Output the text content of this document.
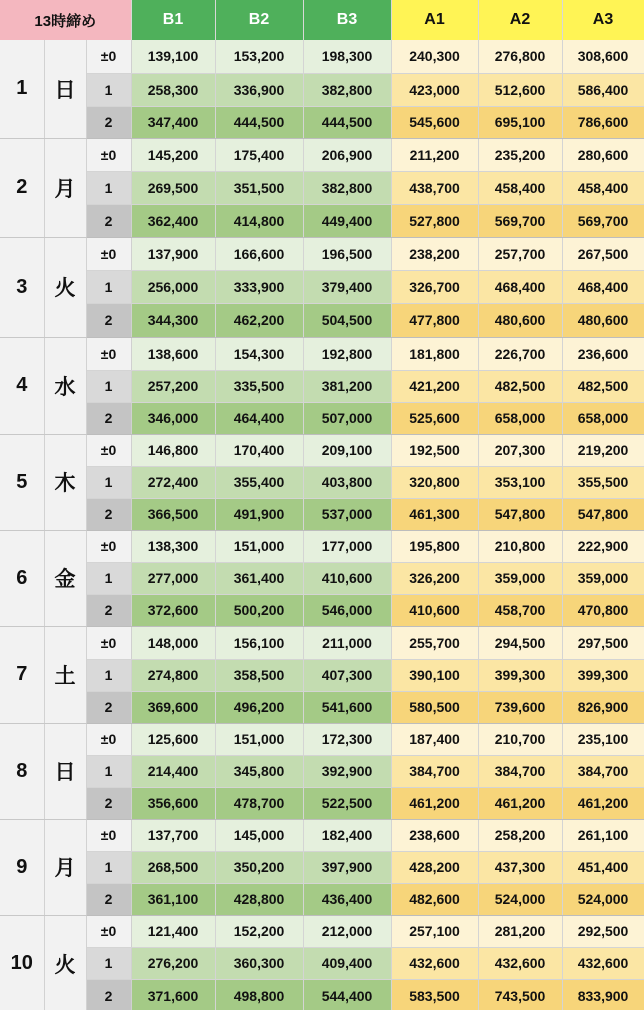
13時締め			B1	B2	B3	A1	A2	A3
1	日	±0	139,100	153,200	198,300	240,300	276,800	308,600
		1	258,300	336,900	382,800	423,000	512,600	586,400
		2	347,400	444,500	444,500	545,600	695,100	786,600
2	月	±0	145,200	175,400	206,900	211,200	235,200	280,600
		1	269,500	351,500	382,800	438,700	458,400	458,400
		2	362,400	414,800	449,400	527,800	569,700	569,700
3	火	±0	137,900	166,600	196,500	238,200	257,700	267,500
		1	256,000	333,900	379,400	326,700	468,400	468,400
		2	344,300	462,200	504,500	477,800	480,600	480,600
4	水	±0	138,600	154,300	192,800	181,800	226,700	236,600
		1	257,200	335,500	381,200	421,200	482,500	482,500
		2	346,000	464,400	507,000	525,600	658,000	658,000
5	木	±0	146,800	170,400	209,100	192,500	207,300	219,200
		1	272,400	355,400	403,800	320,800	353,100	355,500
		2	366,500	491,900	537,000	461,300	547,800	547,800
6	金	±0	138,300	151,000	177,000	195,800	210,800	222,900
		1	277,000	361,400	410,600	326,200	359,000	359,000
		2	372,600	500,200	546,000	410,600	458,700	470,800
7	土	±0	148,000	156,100	211,000	255,700	294,500	297,500
		1	274,800	358,500	407,300	390,100	399,300	399,300
		2	369,600	496,200	541,600	580,500	739,600	826,900
8	日	±0	125,600	151,000	172,300	187,400	210,700	235,100
		1	214,400	345,800	392,900	384,700	384,700	384,700
		2	356,600	478,700	522,500	461,200	461,200	461,200
9	月	±0	137,700	145,000	182,400	238,600	258,200	261,100
		1	268,500	350,200	397,900	428,200	437,300	451,400
		2	361,100	428,800	436,400	482,600	524,000	524,000
10	火	±0	121,400	152,200	212,000	257,100	281,200	292,500
		1	276,200	360,300	409,400	432,600	432,600	432,600
		2	371,600	498,800	544,400	583,500	743,500	833,900
